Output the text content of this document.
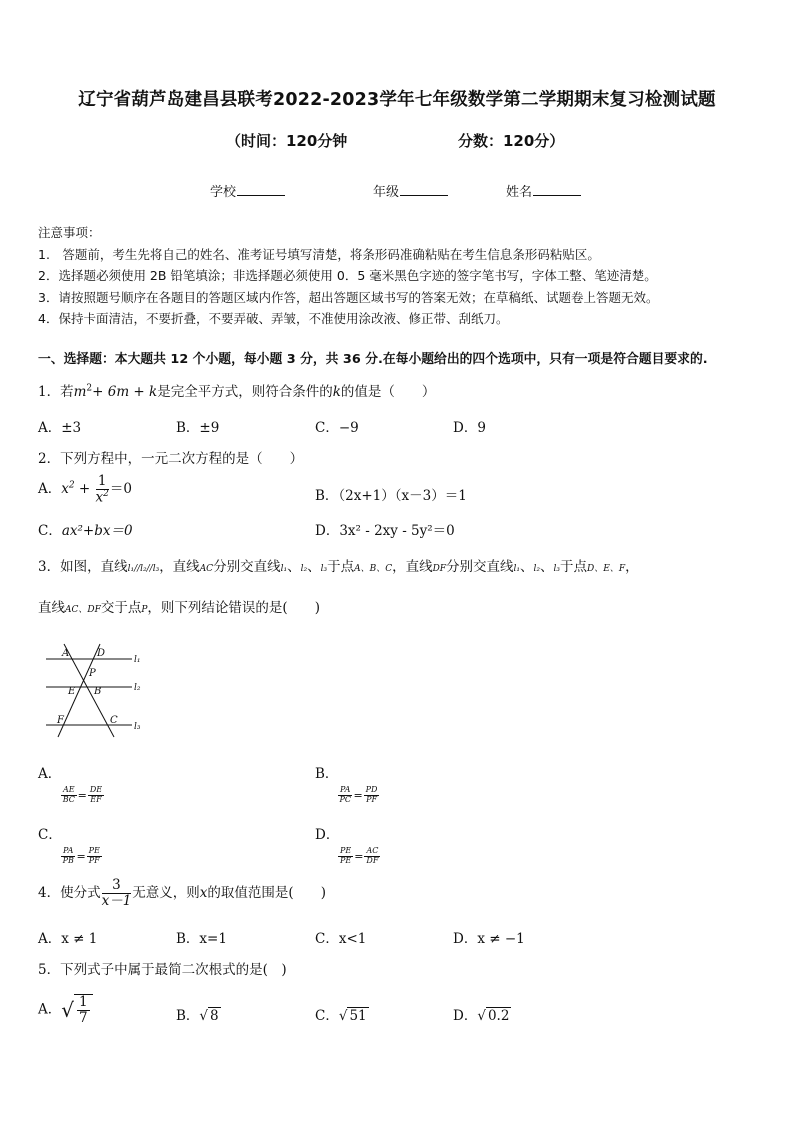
辽宁省葫芦岛建昌县联考2022-2023学年七年级数学第二学期期末复习检测试题
（时间：120分钟	分数：120分）
学校	年级	姓名
注意事项：
1.　答题前，考生先将自己的姓名、准考证号填写清楚，将条形码准确粘贴在考生信息条形码粘贴区。
2．选择题必须使用 2B 铅笔填涂；非选择题必须使用 0．5 毫米黑色字迹的签字笔书写，字体工整、笔迹清楚。
3．请按照题号顺序在各题目的答题区域内作答，超出答题区域书写的答案无效；在草稿纸、试题卷上答题无效。
4．保持卡面清洁，不要折叠，不要弄破、弄皱，不准使用涂改液、修正带、刮纸刀。
一、选择题：本大题共 12 个小题，每小题 3 分，共 36 分.在每小题给出的四个选项中，只有一项是符合题目要求的.
1．若$m^2+ 6m + k$是完全平方式，则符合条件的k的值是（　　）
A．±3	B．±9	C．−9	D．9
2．下列方程中，一元二次方程的是（　　）
A．$x^2 + \frac{1}{x^2} =0$	B．（2x+1）（x－3）＝1
C．ax²+bx＝0	D．3x² - 2xy - 5y²＝0
3．如图，直线l₁//l₂//l₃，直线AC分别交直线l₁、l₂、l₃于点A、B、C，直线DF分别交直线l₁、l₂、l₃于点D、E、F，
直线AC、DF交于点P，则下列结论错误的是(　　)
A	D
P
E B
F	C
l₁
l₂
l₃
A．
$\frac{AE}{BC} = \frac{DE}{EF}$
B．
$\frac{PA}{PC} = \frac{PD}{PF}$
C．
$\frac{PA}{PB} = \frac{PE}{PF}$
D．
$\frac{PE}{PE} = \frac{AC}{DF}$
4．使分式 $\frac{3}{x-1}$ 无意义，则x的取值范围是(　　)
A．x ≠ 1	B．x=1	C．x<1	D．x ≠ −1
5．下列式子中属于最简二次根式的是(　)
A．√ $\frac{1}{7}$	B．√ 8	C．√ 51	D．√ 0.2
